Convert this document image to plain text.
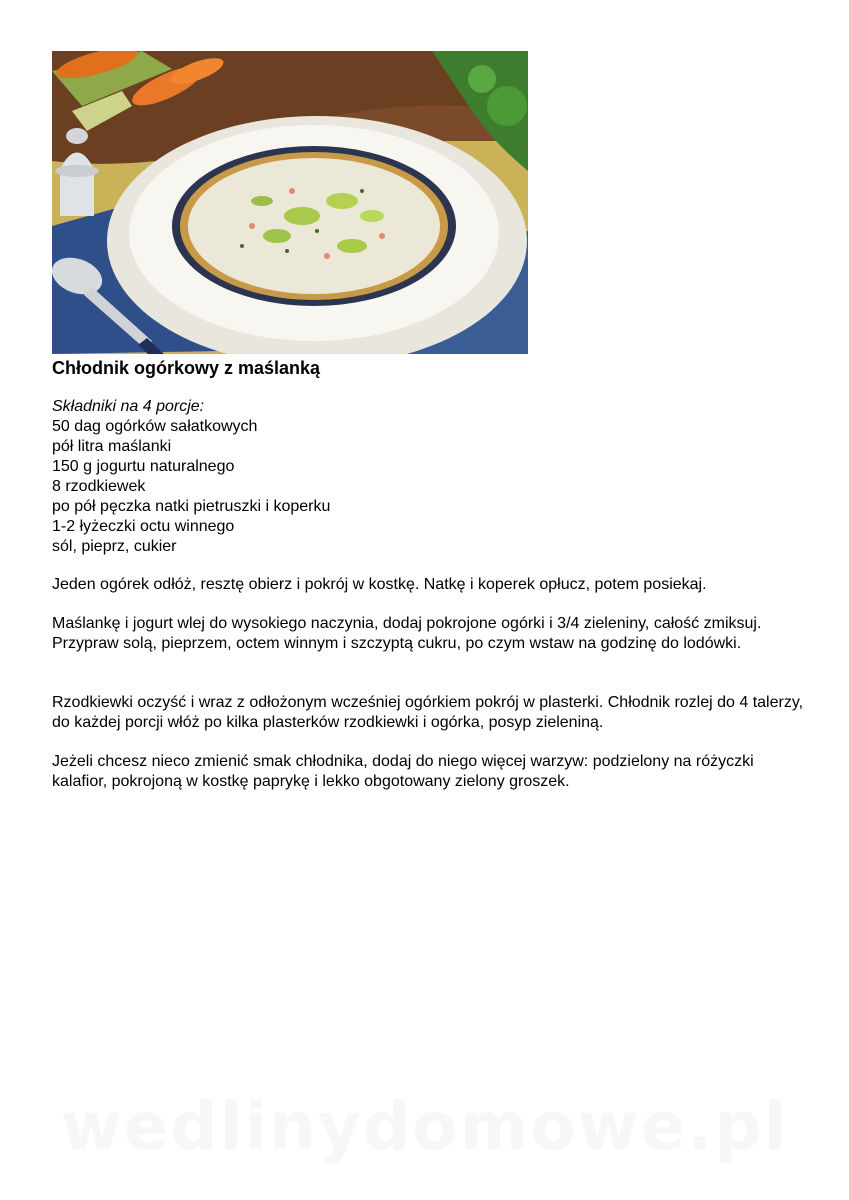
Chłodnik ogórkowy z maślanką
Składniki na 4 porcje:
50 dag ogórków sałatkowych
pół litra maślanki
150 g jogurtu naturalnego
8 rzodkiewek
po pół pęczka natki pietruszki i koperku
1-2 łyżeczki octu winnego
sól, pieprz, cukier

Jeden ogórek odłóż, resztę obierz i pokrój w kostkę. Natkę i koperek opłucz, potem posiekaj.

Maślankę i jogurt wlej do wysokiego naczynia, dodaj pokrojone ogórki i 3/4 zieleniny, całość zmiksuj. Przypraw solą, pieprzem, octem winnym i szczyptą cukru, po czym wstaw na godzinę do lodówki.

Rzodkiewki oczyść i wraz z odłożonym wcześniej ogórkiem pokrój w plasterki. Chłodnik rozlej do 4 talerzy, do każdej porcji włóż po kilka plasterków rzodkiewki i ogórka, posyp zieleniną.

Jeżeli chcesz nieco zmienić smak chłodnika, dodaj do niego więcej warzyw: podzielony na różyczki kalafior, pokrojoną w kostkę paprykę i lekko obgotowany zielony groszek.

wedlinydomowe.pl
